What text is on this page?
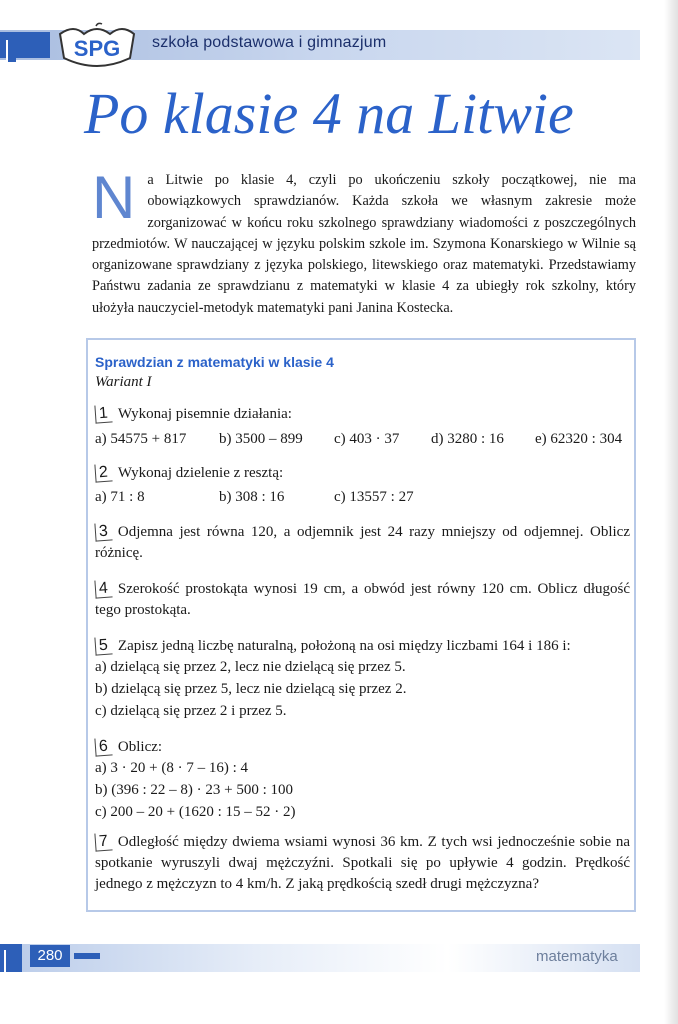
SPG szkoła podstawowa i gimnazjum
Po klasie 4 na Litwie
Na Litwie po klasie 4, czyli po ukończeniu szkoły początkowej, nie ma obowiązkowych sprawdzianów. Każda szkoła we własnym zakresie może zorganizować w końcu roku szkolnego sprawdziany wiadomości z poszczególnych przedmiotów. W nauczającej w języku polskim szkole im. Szymona Konarskiego w Wilnie są organizowane sprawdziany z języka polskiego, litewskiego oraz matematyki. Przedstawiamy Państwu zadania ze sprawdzianu z matematyki w klasie 4 za ubiegły rok szkolny, który ułożyła nauczyciel-metodyk matematyki pani Janina Kostecka.
Sprawdzian z matematyki w klasie 4
Wariant I
1 Wykonaj pisemnie działania:
a) 54575 + 817 b) 3500 – 899 c) 403 · 37 d) 3280 : 16 e) 62320 : 304
2 Wykonaj dzielenie z resztą:
a) 71 : 8	b) 308 : 16	c) 13557 : 27
3 Odjemna jest równa 120, a odjemnik jest 24 razy mniejszy od odjemnej. Oblicz różnicę.
4 Szerokość prostokąta wynosi 19 cm, a obwód jest równy 120 cm. Oblicz długość tego prostokąta.
5 Zapisz jedną liczbę naturalną, położoną na osi między liczbami 164 i 186 i:
a) dzielącą się przez 2, lecz nie dzielącą się przez 5.
b) dzielącą się przez 5, lecz nie dzielącą się przez 2.
c) dzielącą się przez 2 i przez 5.
6 Oblicz:
a) 3 · 20 + (8 · 7 – 16) : 4
b) (396 : 22 – 8) · 23 + 500 : 100
c) 200 – 20 + (1620 : 15 – 52 · 2)
7 Odległość między dwiema wsiami wynosi 36 km. Z tych wsi jednocześnie sobie na spotkanie wyruszyli dwaj mężczyźni. Spotkali się po upływie 4 godzin. Prędkość jednego z mężczyzn to 4 km/h. Z jaką prędkością szedł drugi mężczyzna?
280	matematyka
